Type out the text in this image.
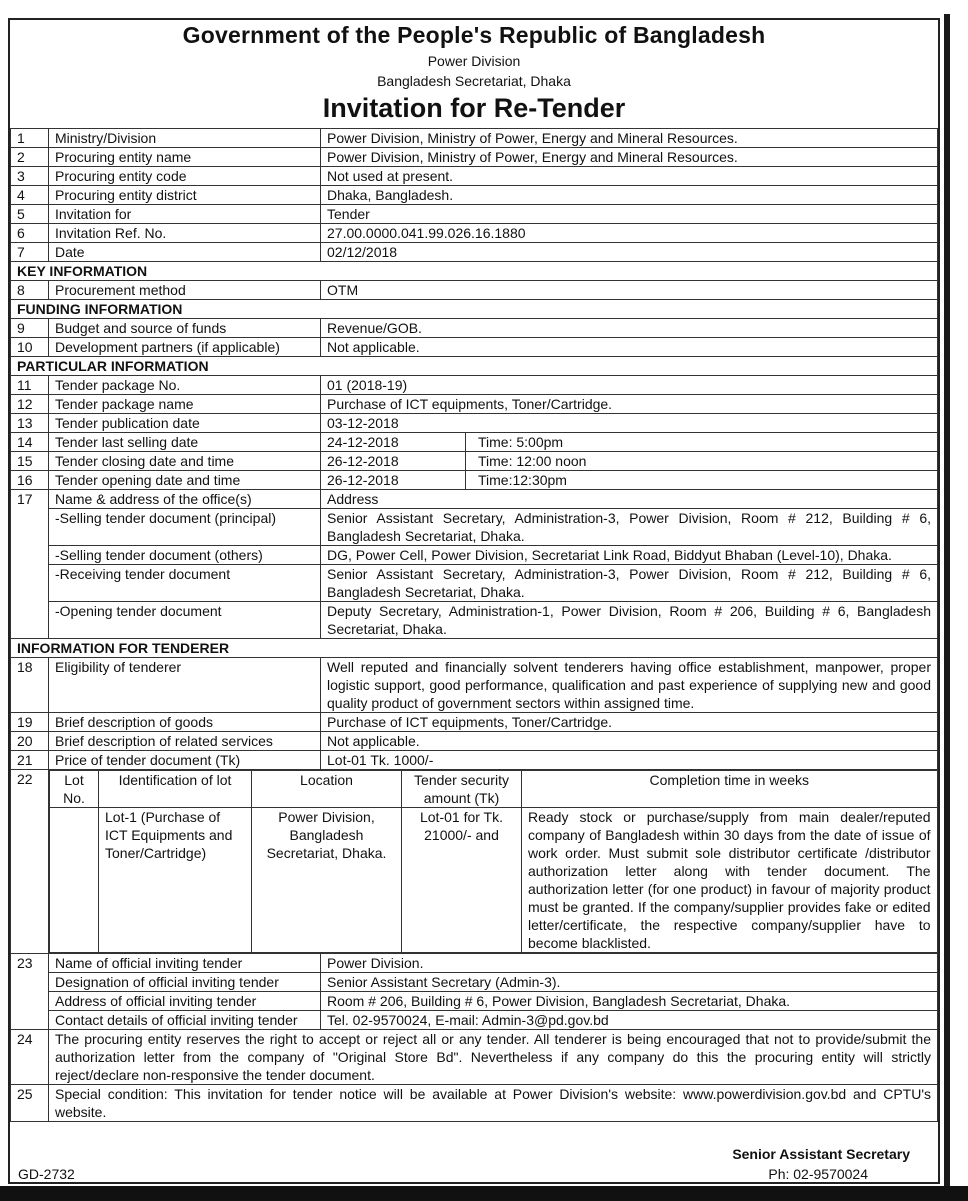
Government of the People's Republic of Bangladesh
Power Division
Bangladesh Secretariat, Dhaka
Invitation for Re-Tender
1	Ministry/Division	Power Division, Ministry of Power, Energy and Mineral Resources.
2	Procuring entity name	Power Division, Ministry of Power, Energy and Mineral Resources.
3	Procuring entity code	Not used at present.
4	Procuring entity district	Dhaka, Bangladesh.
5	Invitation for	Tender
6	Invitation Ref. No.	27.00.0000.041.99.026.16.1880
7	Date	02/12/2018
KEY INFORMATION
8	Procurement method	OTM
FUNDING INFORMATION
9	Budget and source of funds	Revenue/GOB.
10	Development partners (if applicable)	Not applicable.
PARTICULAR INFORMATION
11	Tender package No.	01 (2018-19)
12	Tender package name	Purchase of ICT equipments, Toner/Cartridge.
13	Tender publication date	03-12-2018
14	Tender last selling date	24-12-2018	Time: 5:00pm

15	Tender closing date and time	26-12-2018	Time: 12:00 noon

16	Tender opening date and time	26-12-2018	Time:12:30pm

17	Name & address of the office(s)	Address
-Selling tender document (principal)	Senior Assistant Secretary, Administration-3, Power Division, Room # 212, Building # 6, Bangladesh Secretariat, Dhaka.
-Selling tender document (others)	DG, Power Cell, Power Division, Secretariat Link Road, Biddyut Bhaban (Level-10), Dhaka.
-Receiving tender document	Senior Assistant Secretary, Administration-3, Power Division, Room # 212, Building # 6, Bangladesh Secretariat, Dhaka.
-Opening tender document	Deputy Secretary, Administration-1, Power Division, Room # 206, Building # 6, Bangladesh Secretariat, Dhaka.
INFORMATION FOR TENDERER
18	Eligibility of tenderer	Well reputed and financially solvent tenderers having office establishment, manpower, proper logistic support, good performance, qualification and past experience of supplying new and good quality product of government sectors within assigned time.
19	Brief description of goods	Purchase of ICT equipments, Toner/Cartridge.
20	Brief description of related services	Not applicable.
21	Price of tender document (Tk)	Lot-01 Tk. 1000/-
22	Lot No.	Identification of lot	Location	Tender security amount (Tk)	Completion time in weeks
	Lot-1 (Purchase of ICT Equipments and Toner/Cartridge)	Power Division, Bangladesh Secretariat, Dhaka.	Lot-01 for Tk. 21000/- and	Ready stock or purchase/supply from main dealer/reputed company of Bangladesh within 30 days from the date of issue of work order. Must submit sole distributor certificate /distributor authorization letter along with tender document. The authorization letter (for one product) in favour of majority product must be granted. If the company/supplier provides fake or edited letter/certificate, the respective company/supplier have to become blacklisted.

23	Name of official inviting tender	Power Division.
Designation of official inviting tender	Senior Assistant Secretary (Admin-3).
Address of official inviting tender	Room # 206, Building # 6, Power Division, Bangladesh Secretariat, Dhaka.
Contact details of official inviting tender	Tel. 02-9570024, E-mail: Admin-3@pd.gov.bd
24	The procuring entity reserves the right to accept or reject all or any tender. All tenderer is being encouraged that not to provide/submit the authorization letter from the company of "Original Store Bd". Nevertheless if any company do this the procuring entity will strictly reject/declare non-responsive the tender document.
25	Special condition: This invitation for tender notice will be available at Power Division's website: www.powerdivision.gov.bd and CPTU's website.
Senior Assistant Secretary
Ph: 02-9570024
GD-2732
